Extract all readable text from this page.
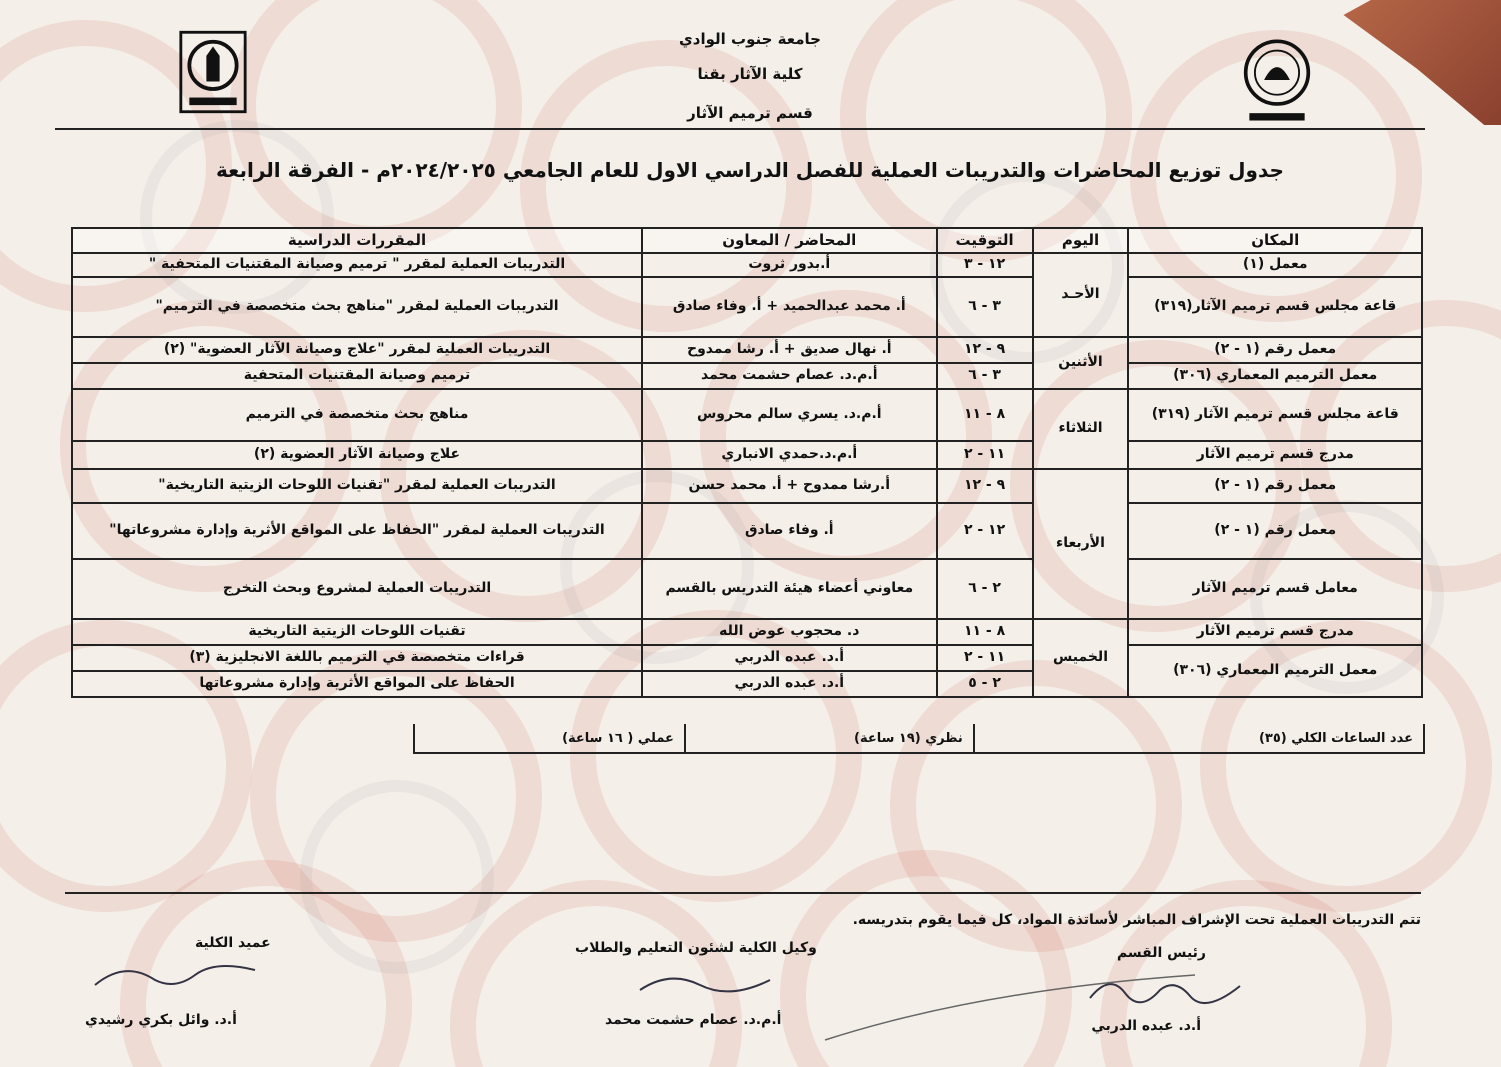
جامعة جنوب الوادي
كلية الآثار بقنا
قسم ترميم الآثار
جدول توزيع المحاضرات والتدريبات العملية للفصل الدراسي الاول للعام الجامعي ٢٠٢٤/٢٠٢٥م - الفرقة الرابعة
المكان	اليوم	التوقيت	المحاضر / المعاون	المقررات الدراسية
معمل (١)	الأحـد	١٢ - ٣	أ.بدور ثروت	التدريبات العملية لمقرر " ترميم وصيانة المقتنيات المتحفية "
قاعة مجلس قسم ترميم الآثار(٣١٩)		٣ - ٦	أ. محمد عبدالحميد + أ. وفاء صادق	التدريبات العملية لمقرر "مناهج بحث متخصصة في الترميم"
معمل رقم (١ - ٢)	الأثنين	٩ - ١٢	أ. نهال صديق + أ. رشا ممدوح	التدريبات العملية لمقرر "علاج وصيانة الآثار العضوية" (٢)
معمل الترميم المعماري (٣٠٦)		٣ - ٦	أ.م.د. عصام حشمت محمد	ترميم وصيانة المقتنيات المتحفية
قاعة مجلس قسم ترميم الآثار (٣١٩)	الثلاثاء	٨ - ١١	أ.م.د. يسري سالم محروس	مناهج بحث متخصصة في الترميم
مدرج قسم ترميم الآثار		١١ - ٢	أ.م.د.حمدي الانباري	علاج وصيانة الآثار العضوية (٢)
معمل رقم (١ - ٢)	الأربعاء	٩ - ١٢	أ.رشا ممدوح + أ. محمد حسن	التدريبات العملية لمقرر "تقنيات اللوحات الزيتية التاريخية"
معمل رقم (١ - ٢)		١٢ - ٢	أ. وفاء صادق	التدريبات العملية لمقرر "الحفاظ على المواقع الأثرية وإدارة مشروعاتها"
معامل قسم ترميم الآثار		٢ - ٦	معاوني أعضاء هيئة التدريس بالقسم	التدريبات العملية لمشروع وبحث التخرج
مدرج قسم ترميم الآثار	الخميس	٨ - ١١	د. محجوب عوض الله	تقنيات اللوحات الزيتية التاريخية
معمل الترميم المعماري (٣٠٦)		١١ - ٢	أ.د. عبده الدربي	قراءات متخصصة في الترميم باللغة الانجليزية (٣)
		٢ - ٥	أ.د. عبده الدربي	الحفاظ على المواقع الأثرية وإدارة مشروعاتها
عدد الساعات الكلي (٣٥)
نظري (١٩ ساعة)
عملي ( ١٦ ساعة)
تتم التدريبات العملية تحت الإشراف المباشر لأساتذة المواد، كل فيما يقوم بتدريسه.
رئيس القسم
وكيل الكلية لشئون التعليم والطلاب
عميد الكلية
أ.د. عبده الدربي
أ.م.د. عصام حشمت محمد
أ.د. وائل بكري رشيدي
